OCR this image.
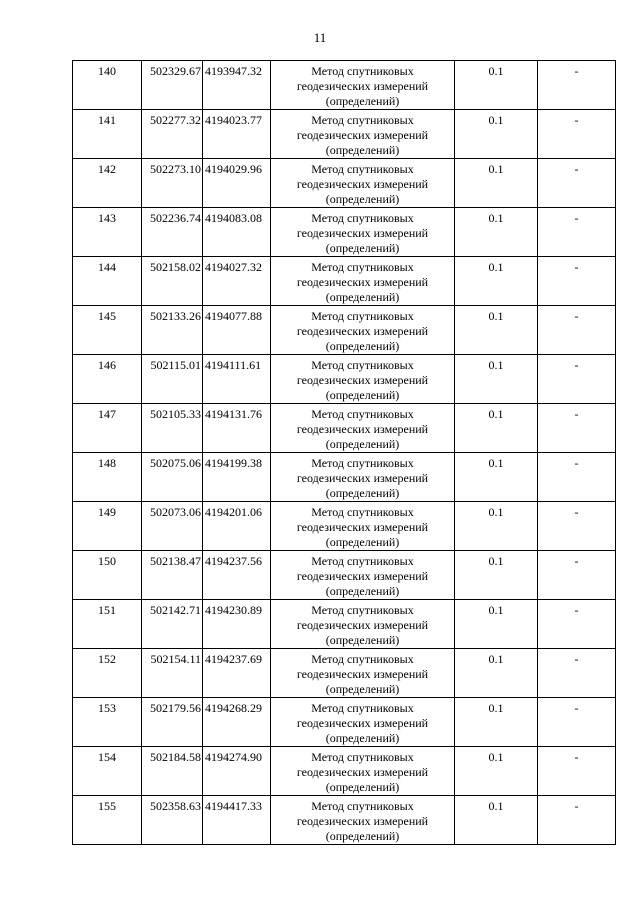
11
140	502329.67	4193947.32	Метод спутниковых
геодезических измерений
(определений)	0.1	-
141	502277.32	4194023.77	Метод спутниковых
геодезических измерений
(определений)	0.1	-
142	502273.10	4194029.96	Метод спутниковых
геодезических измерений
(определений)	0.1	-
143	502236.74	4194083.08	Метод спутниковых
геодезических измерений
(определений)	0.1	-
144	502158.02	4194027.32	Метод спутниковых
геодезических измерений
(определений)	0.1	-
145	502133.26	4194077.88	Метод спутниковых
геодезических измерений
(определений)	0.1	-
146	502115.01	4194111.61	Метод спутниковых
геодезических измерений
(определений)	0.1	-
147	502105.33	4194131.76	Метод спутниковых
геодезических измерений
(определений)	0.1	-
148	502075.06	4194199.38	Метод спутниковых
геодезических измерений
(определений)	0.1	-
149	502073.06	4194201.06	Метод спутниковых
геодезических измерений
(определений)	0.1	-
150	502138.47	4194237.56	Метод спутниковых
геодезических измерений
(определений)	0.1	-
151	502142.71	4194230.89	Метод спутниковых
геодезических измерений
(определений)	0.1	-
152	502154.11	4194237.69	Метод спутниковых
геодезических измерений
(определений)	0.1	-
153	502179.56	4194268.29	Метод спутниковых
геодезических измерений
(определений)	0.1	-
154	502184.58	4194274.90	Метод спутниковых
геодезических измерений
(определений)	0.1	-
155	502358.63	4194417.33	Метод спутниковых
геодезических измерений
(определений)	0.1	-
